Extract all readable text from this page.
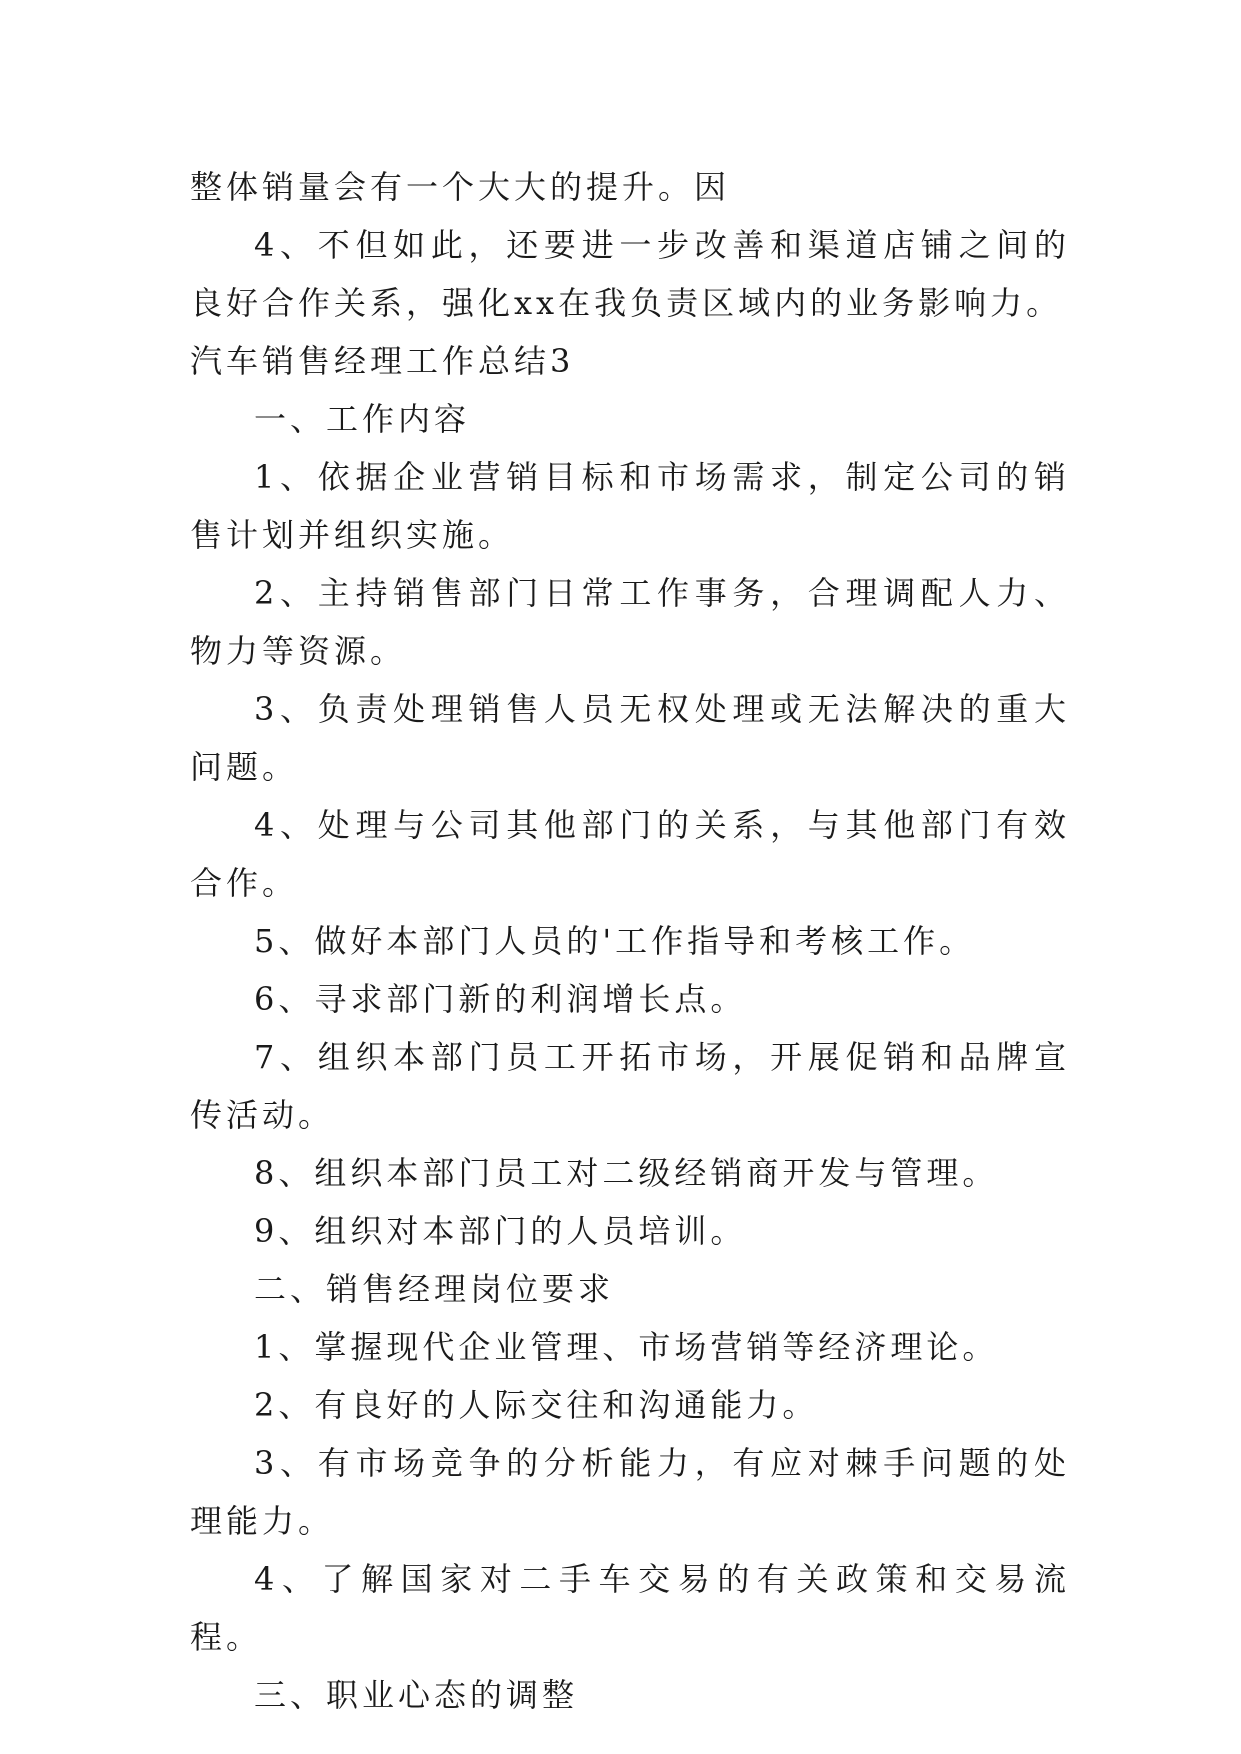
整体销量会有一个大大的提升。因

4、不但如此，还要进一步改善和渠道店铺之间的良好合作关系，强化xx在我负责区域内的业务影响力。

汽车销售经理工作总结3

一、工作内容

1、依据企业营销目标和市场需求，制定公司的销售计划并组织实施。

2、主持销售部门日常工作事务，合理调配人力、物力等资源。

3、负责处理销售人员无权处理或无法解决的重大问题。

4、处理与公司其他部门的关系，与其他部门有效合作。

5、做好本部门人员的'工作指导和考核工作。

6、寻求部门新的利润增长点。

7、组织本部门员工开拓市场，开展促销和品牌宣传活动。

8、组织本部门员工对二级经销商开发与管理。

9、组织对本部门的人员培训。

二、销售经理岗位要求

1、掌握现代企业管理、市场营销等经济理论。

2、有良好的人际交往和沟通能力。

3、有市场竞争的分析能力，有应对棘手问题的处理能力。

4、了解国家对二手车交易的有关政策和交易流程。

三、职业心态的调整
